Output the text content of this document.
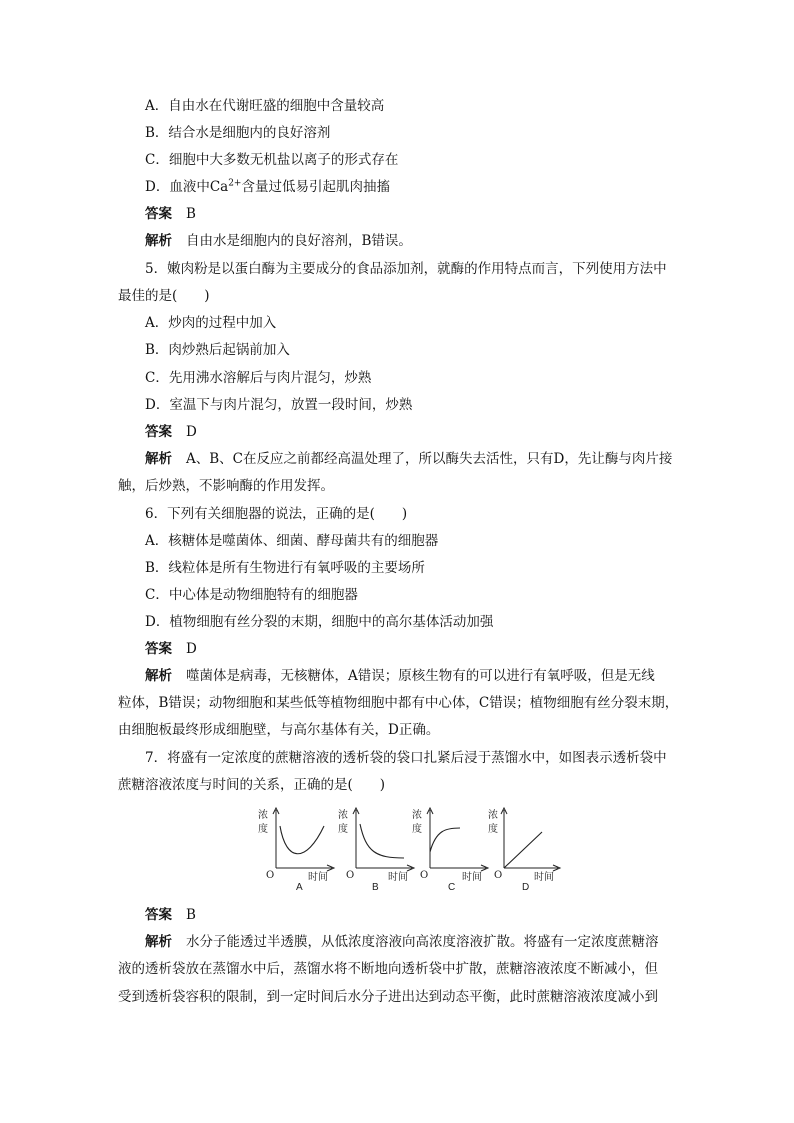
A．自由水在代谢旺盛的细胞中含量较高
B．结合水是细胞内的良好溶剂
C．细胞中大多数无机盐以离子的形式存在
D．血液中$Ca^{2+}$含量过低易引起肌肉抽搐
答案 B
解析 自由水是细胞内的良好溶剂，B错误。
5．嫩肉粉是以蛋白酶为主要成分的食品添加剂，就酶的作用特点而言，下列使用方法中
最佳的是(　　)
A．炒肉的过程中加入
B．肉炒熟后起锅前加入
C．先用沸水溶解后与肉片混匀，炒熟
D．室温下与肉片混匀，放置一段时间，炒熟
答案 D
解析 A、B、C在反应之前都经高温处理了，所以酶失去活性，只有D，先让酶与肉片接
触，后炒熟，不影响酶的作用发挥。
6．下列有关细胞器的说法，正确的是(　　)
A．核糖体是噬菌体、细菌、酵母菌共有的细胞器
B．线粒体是所有生物进行有氧呼吸的主要场所
C．中心体是动物细胞特有的细胞器
D．植物细胞有丝分裂的末期，细胞中的高尔基体活动加强
答案 D
解析 噬菌体是病毒，无核糖体，A错误；原核生物有的可以进行有氧呼吸，但是无线
粒体，B错误；动物细胞和某些低等植物细胞中都有中心体，C错误；植物细胞有丝分裂末期，
由细胞板最终形成细胞壁，与高尔基体有关，D正确。
7．将盛有一定浓度的蔗糖溶液的透析袋的袋口扎紧后浸于蒸馏水中，如图表示透析袋中
蔗糖溶液浓度与时间的关系，正确的是(　　)
浓
度
O	时间
A
浓
度
O	时间
B
浓
度
O	时间
C
浓
度
O	时间
D
答案 B
解析 水分子能透过半透膜，从低浓度溶液向高浓度溶液扩散。将盛有一定浓度蔗糖溶
液的透析袋放在蒸馏水中后，蒸馏水将不断地向透析袋中扩散，蔗糖溶液浓度不断减小，但
受到透析袋容积的限制，到一定时间后水分子进出达到动态平衡，此时蔗糖溶液浓度减小到
